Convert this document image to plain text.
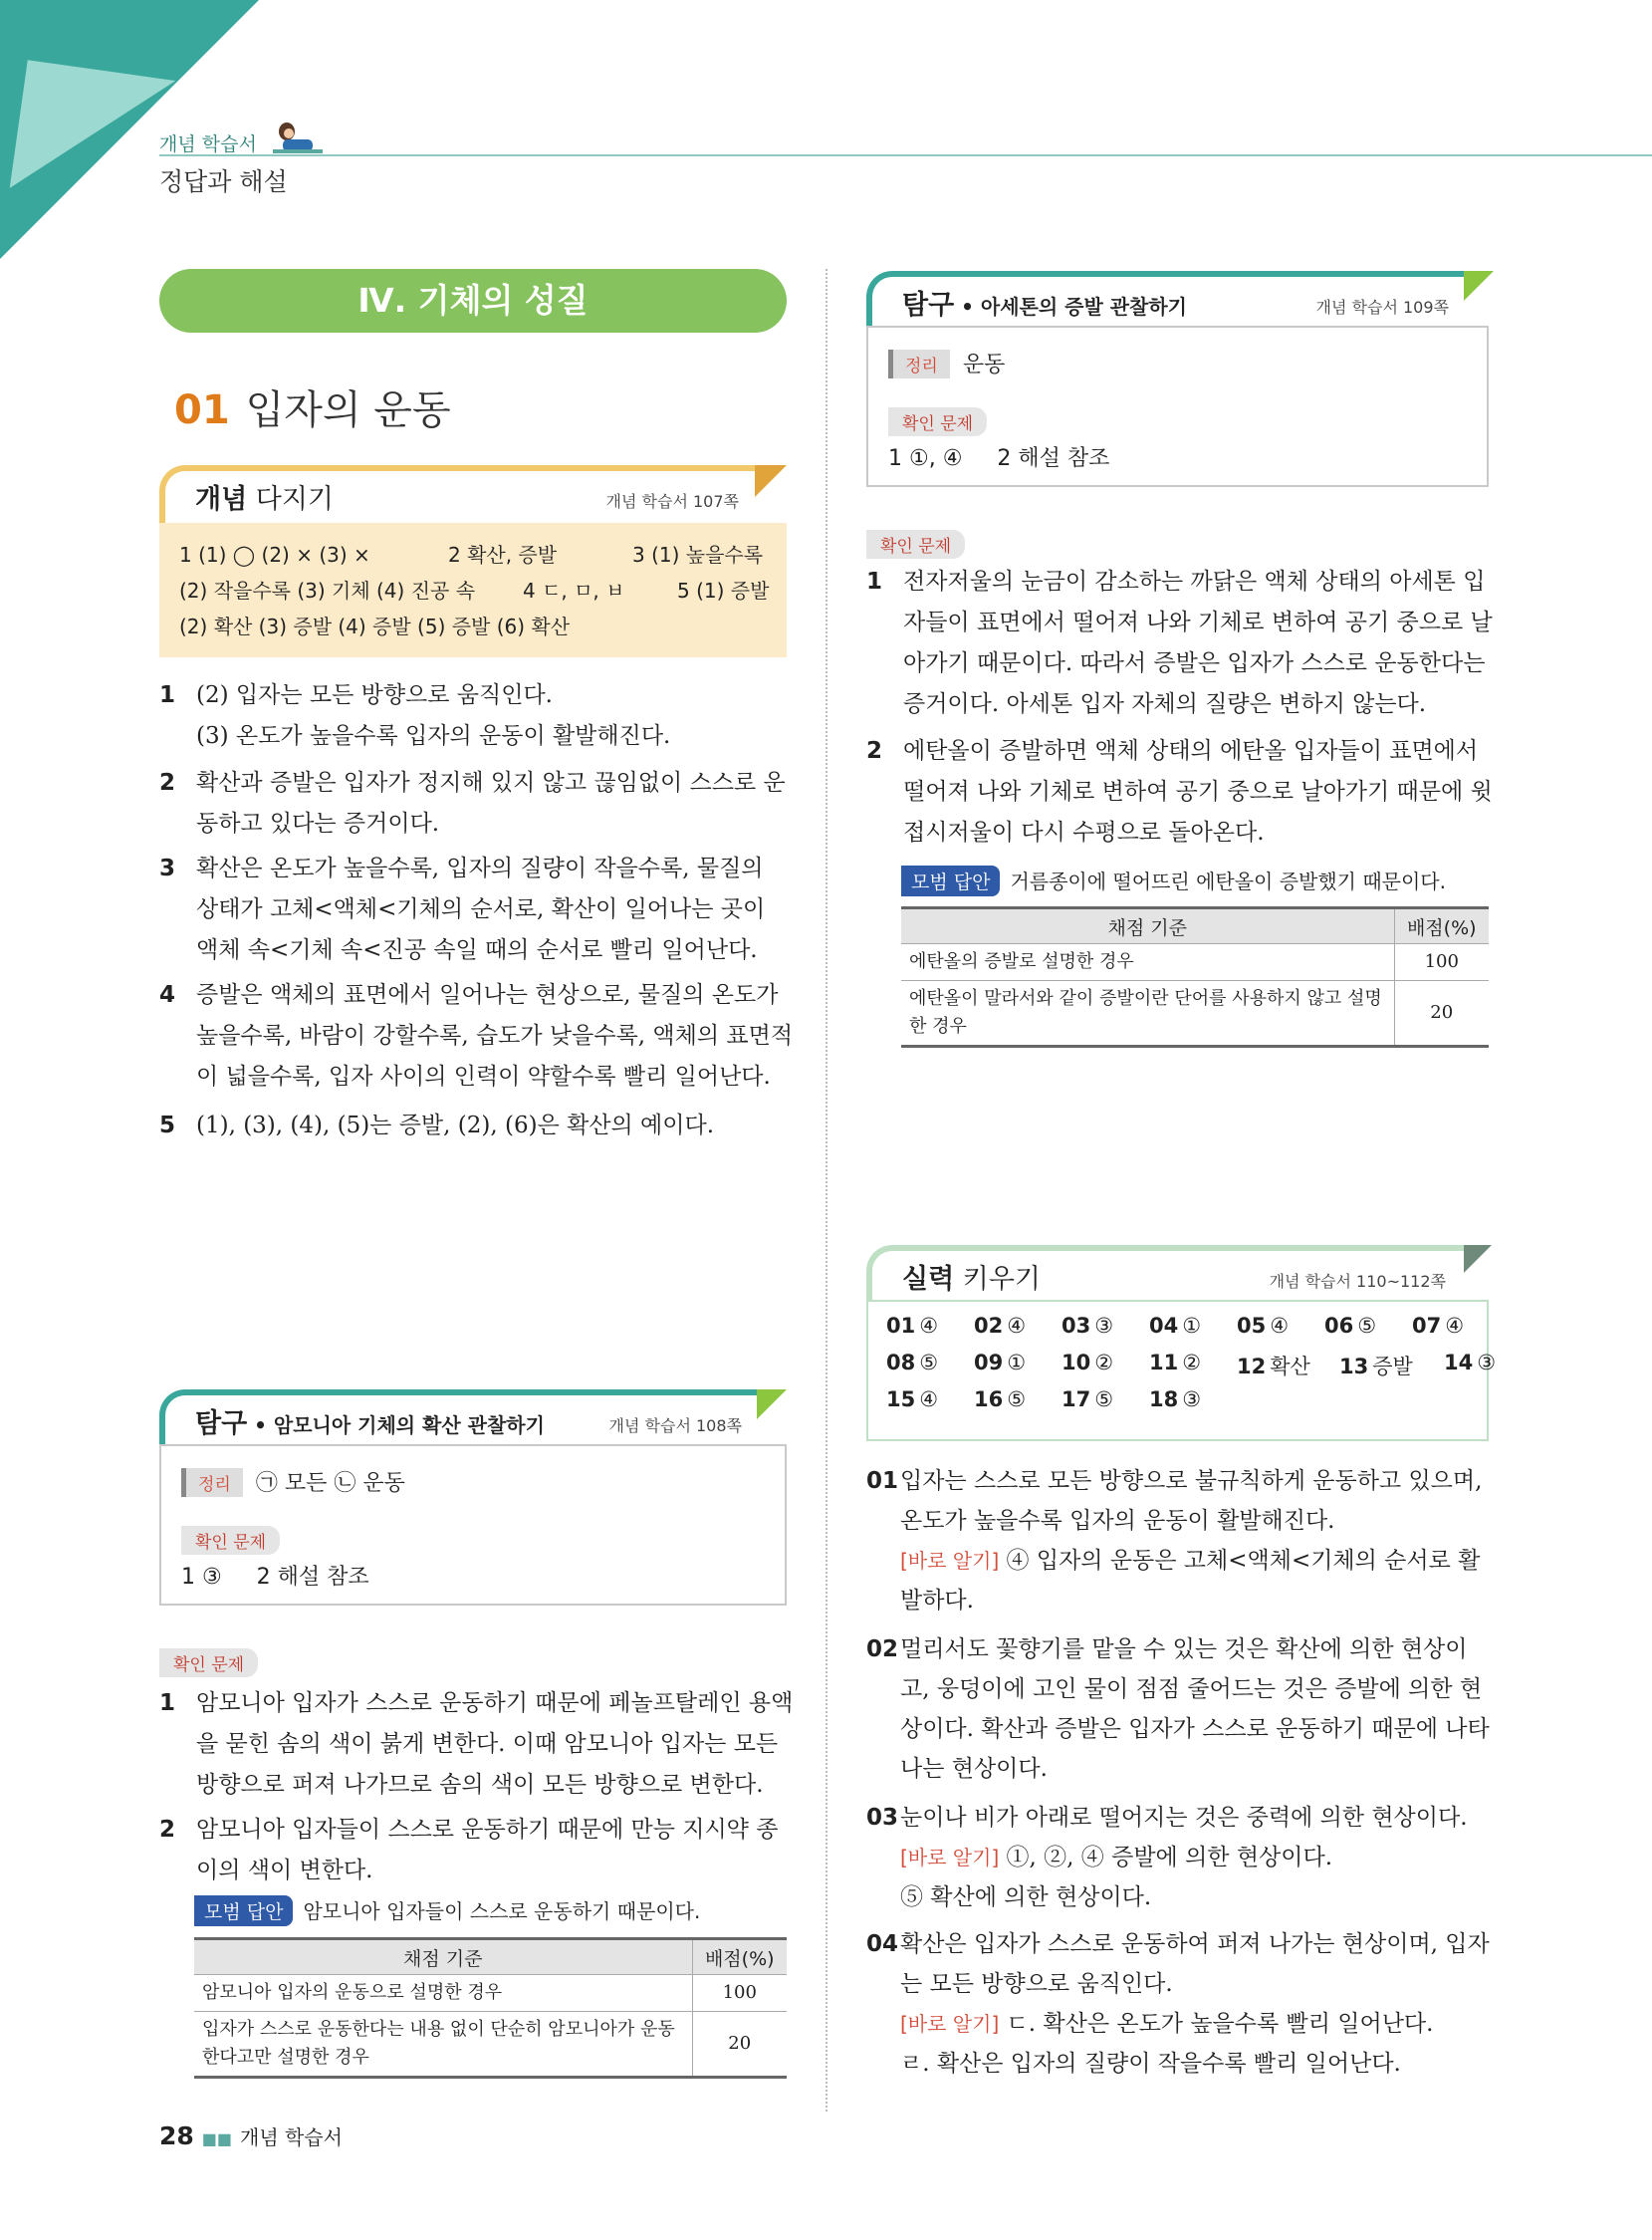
개념 학습서
정답과 해설
Ⅳ. 기체의 성질
01 입자의 운동
개념 다지기	개념 학습서 107쪽
1 (1) ◯ (2) × (3) ×	2 확산, 증발	3 (1) 높을수록
(2) 작을수록 (3) 기체 (4) 진공 속 4 ㄷ, ㅁ, ㅂ	5 (1) 증발
(2) 확산 (3) 증발 (4) 증발 (5) 증발 (6) 확산
1 (2) 입자는 모든 방향으로 움직인다.
(3) 온도가 높을수록 입자의 운동이 활발해진다.
2 확산과 증발은 입자가 정지해 있지 않고 끊임없이 스스로 운
동하고 있다는 증거이다.
3 확산은 온도가 높을수록, 입자의 질량이 작을수록, 물질의
상태가 고체<액체<기체의 순서로, 확산이 일어나는 곳이
액체 속<기체 속<진공 속일 때의 순서로 빨리 일어난다.
4 증발은 액체의 표면에서 일어나는 현상으로, 물질의 온도가
높을수록, 바람이 강할수록, 습도가 낮을수록, 액체의 표면적
이 넓을수록, 입자 사이의 인력이 약할수록 빨리 일어난다.
5 (1), (3), (4), (5)는 증발, (2), (6)은 확산의 예이다.
탐구 • 암모니아 기체의 확산 관찰하기	개념 학습서 108쪽
정리 ㉠ 모든 ㉡ 운동
확인 문제
1 ③     2 해설 참조
확인 문제
1 암모니아 입자가 스스로 운동하기 때문에 페놀프탈레인 용액
을 묻힌 솜의 색이 붉게 변한다. 이때 암모니아 입자는 모든
방향으로 퍼져 나가므로 솜의 색이 모든 방향으로 변한다.
2 암모니아 입자들이 스스로 운동하기 때문에 만능 지시약 종
이의 색이 변한다.
모범 답안 암모니아 입자들이 스스로 운동하기 때문이다.
채점 기준	배점(%)
암모니아 입자의 운동으로 설명한 경우	100
입자가 스스로 운동한다는 내용 없이 단순히 암모니아가 운동한다고만 설명한 경우	20
탐구 • 아세톤의 증발 관찰하기	개념 학습서 109쪽
정리 운동
확인 문제
1 ①, ④     2 해설 참조
확인 문제
1 전자저울의 눈금이 감소하는 까닭은 액체 상태의 아세톤 입
자들이 표면에서 떨어져 나와 기체로 변하여 공기 중으로 날
아가기 때문이다. 따라서 증발은 입자가 스스로 운동한다는
증거이다. 아세톤 입자 자체의 질량은 변하지 않는다.
2 에탄올이 증발하면 액체 상태의 에탄올 입자들이 표면에서
떨어져 나와 기체로 변하여 공기 중으로 날아가기 때문에 윗
접시저울이 다시 수평으로 돌아온다.
모범 답안 거름종이에 떨어뜨린 에탄올이 증발했기 때문이다.
채점 기준	배점(%)
에탄올의 증발로 설명한 경우	100
에탄올이 말라서와 같이 증발이란 단어를 사용하지 않고 설명한 경우	20
실력 키우기	개념 학습서 110~112쪽
01 ④ 02 ④ 03 ③ 04 ① 05 ④ 06 ⑤ 07 ④
08 ⑤ 09 ① 10 ② 11 ② 12 확산 13 증발 14 ③
15 ④ 16 ⑤ 17 ⑤ 18 ③
01 입자는 스스로 모든 방향으로 불규칙하게 운동하고 있으며,
온도가 높을수록 입자의 운동이 활발해진다.
[바로 알기] ④ 입자의 운동은 고체<액체<기체의 순서로 활
발하다.
02 멀리서도 꽃향기를 맡을 수 있는 것은 확산에 의한 현상이
고, 웅덩이에 고인 물이 점점 줄어드는 것은 증발에 의한 현
상이다. 확산과 증발은 입자가 스스로 운동하기 때문에 나타
나는 현상이다.
03 눈이나 비가 아래로 떨어지는 것은 중력에 의한 현상이다.
[바로 알기] ①, ②, ④ 증발에 의한 현상이다.
⑤ 확산에 의한 현상이다.
04 확산은 입자가 스스로 운동하여 퍼져 나가는 현상이며, 입자
는 모든 방향으로 움직인다.
[바로 알기] ㄷ. 확산은 온도가 높을수록 빨리 일어난다.
ㄹ. 확산은 입자의 질량이 작을수록 빨리 일어난다.
28 ■■ 개념 학습서
